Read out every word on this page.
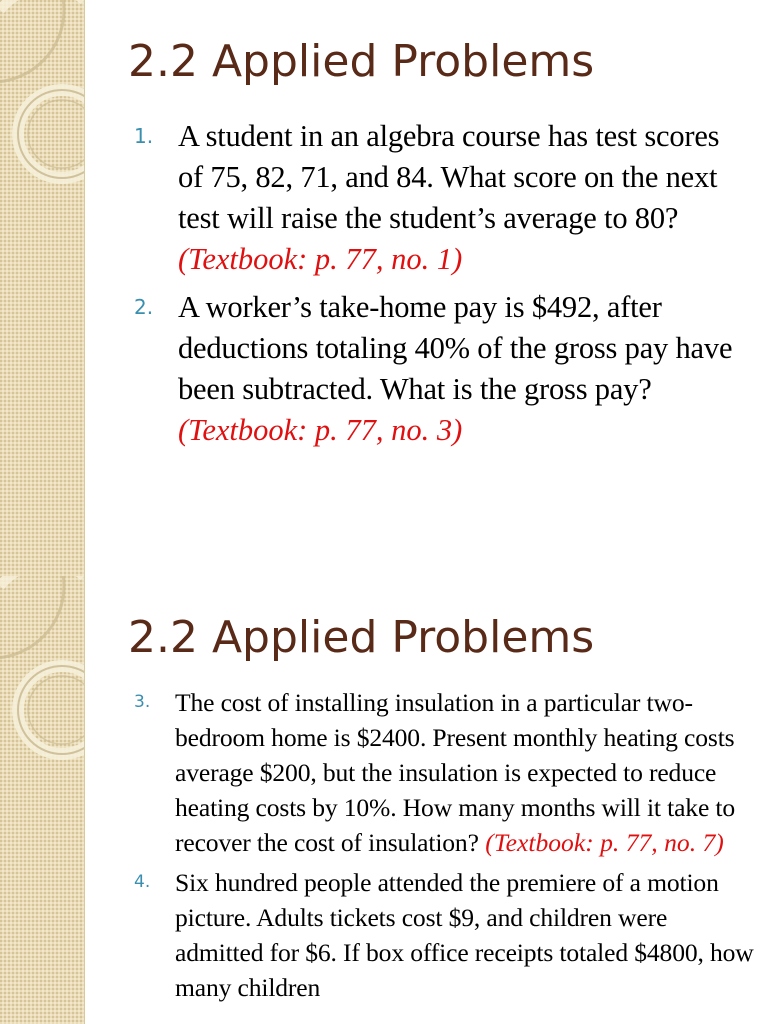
2.2 Applied Problems
1. A student in an algebra course has test scores of 75, 82, 71, and 84. What score on the next test will raise the student’s average to 80? (Textbook: p. 77, no. 1)
2. A worker’s take-home pay is $492, after deductions totaling 40% of the gross pay have been subtracted. What is the gross pay? (Textbook: p. 77, no. 3)
2.2 Applied Problems
3. The cost of installing insulation in a particular two-bedroom home is $2400. Present monthly heating costs average $200, but the insulation is expected to reduce heating costs by 10%. How many months will it take to recover the cost of insulation? (Textbook: p. 77, no. 7)
4. Six hundred people attended the premiere of a motion picture. Adults tickets cost $9, and children were admitted for $6. If box office receipts totaled $4800, how many children
